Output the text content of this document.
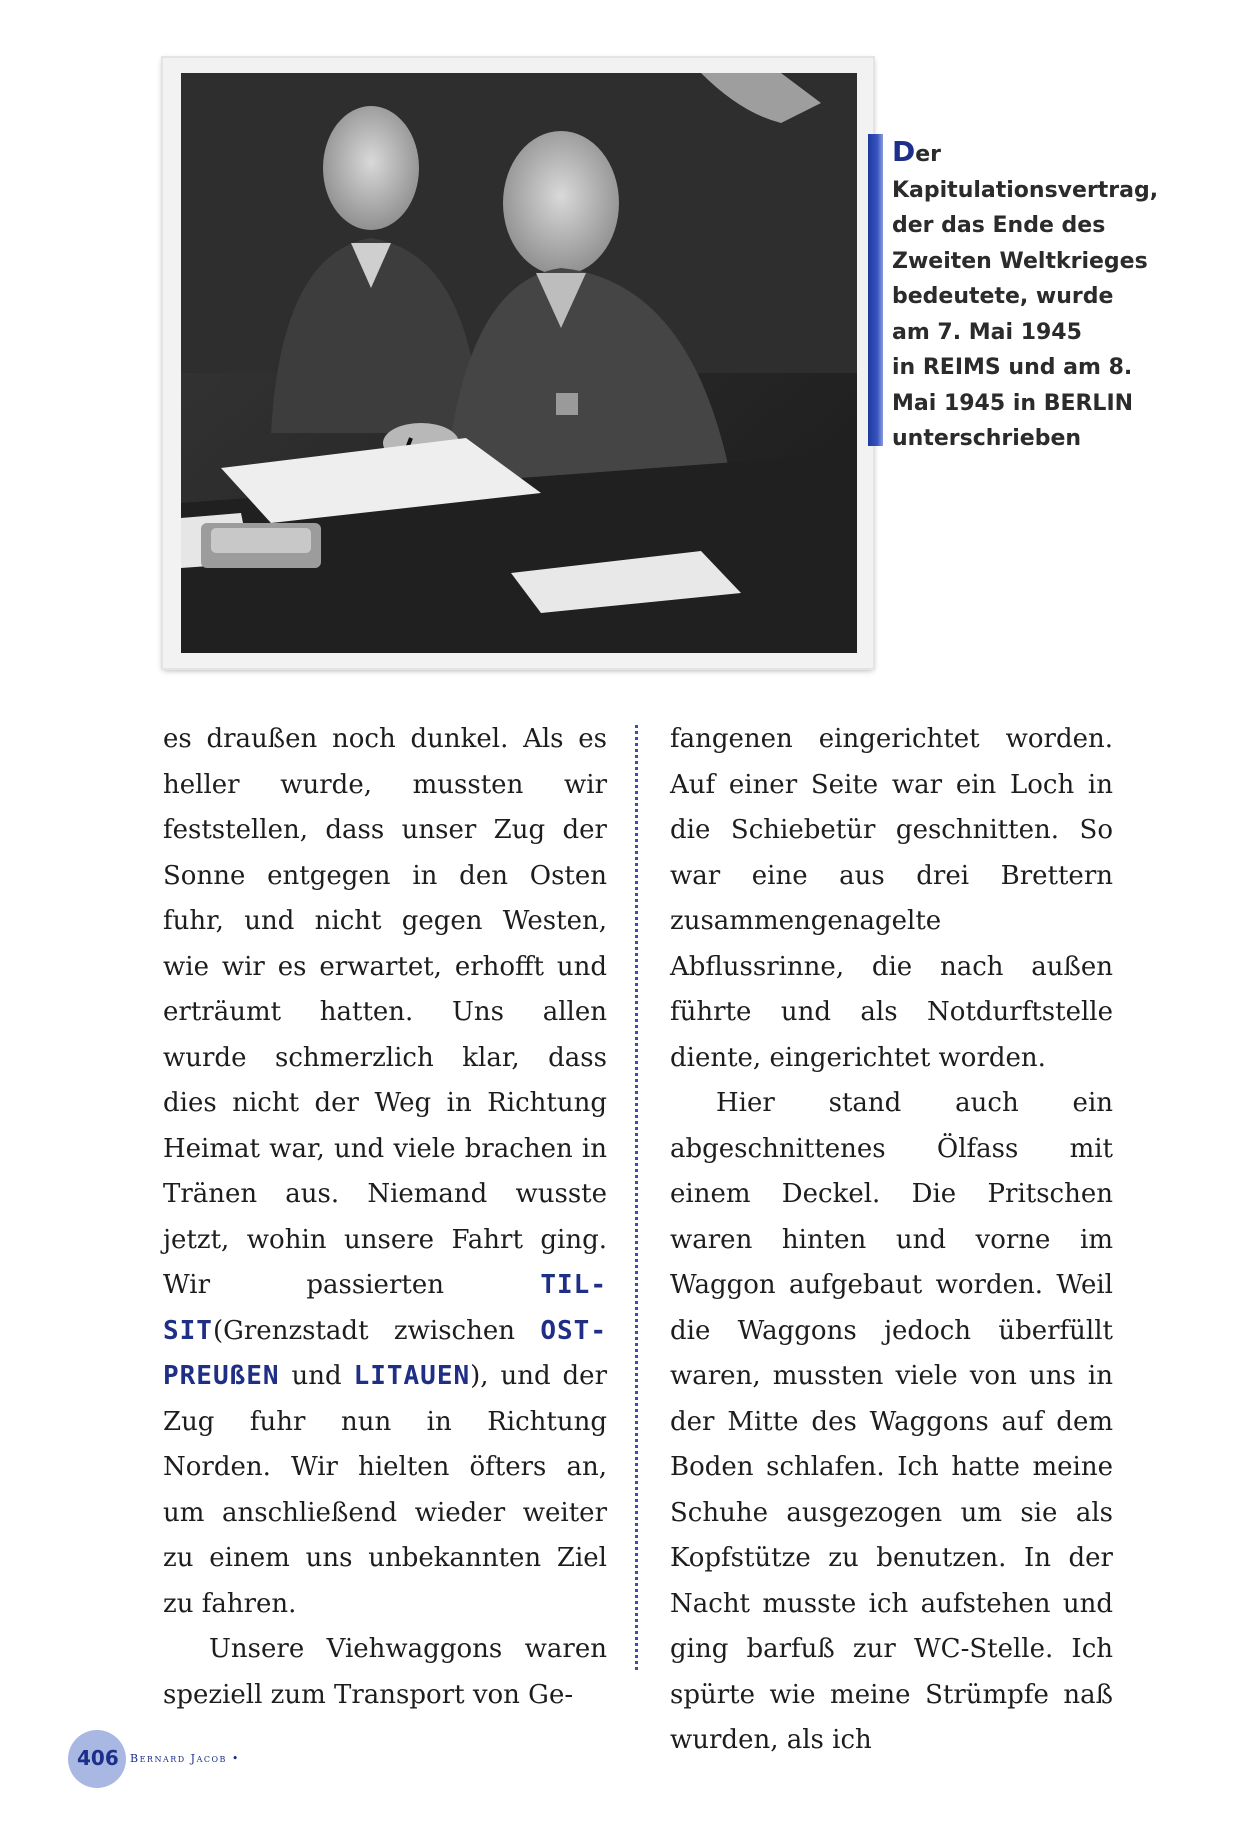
Der
Kapitulationsvertrag,
der das Ende des
Zweiten Weltkrieges
bedeutete, wurde
am 7. Mai 1945
in REIMS und am 8.
Mai 1945 in BERLIN
unterschrieben

es draußen noch dunkel. Als es heller wurde, mussten wir feststellen, dass unser Zug der Sonne entgegen in den Osten fuhr, und nicht gegen Westen, wie wir es erwartet, erhofft und erträumt hatten. Uns allen wurde schmerzlich klar, dass dies nicht der Weg in Richtung Heimat war, und viele brachen in Tränen aus. Niemand wusste jetzt, wohin unsere Fahrt ging. Wir passierten TIL-SIT(Grenzstadt zwischen OST-PREUßEN und LITAUEN), und der Zug fuhr nun in Richtung Norden. Wir hielten öfters an, um anschließend wieder weiter zu einem uns unbekannten Ziel zu fahren.

Unsere Viehwaggons waren speziell zum Transport von Ge-

fangenen eingerichtet worden. Auf einer Seite war ein Loch in die Schiebetür geschnitten. So war eine aus drei Brettern zusammengenagelte Abflussrinne, die nach außen führte und als Notdurftstelle diente, eingerichtet worden.

Hier stand auch ein abgeschnittenes Ölfass mit einem Deckel. Die Pritschen waren hinten und vorne im Waggon aufgebaut worden. Weil die Waggons jedoch überfüllt waren, mussten viele von uns in der Mitte des Waggons auf dem Boden schlafen. Ich hatte meine Schuhe ausgezogen um sie als Kopfstütze zu benutzen. In der Nacht musste ich aufstehen und ging barfuß zur WC-Stelle. Ich spürte wie meine Strümpfe naß wurden, als ich

406 Bernard Jacob •
